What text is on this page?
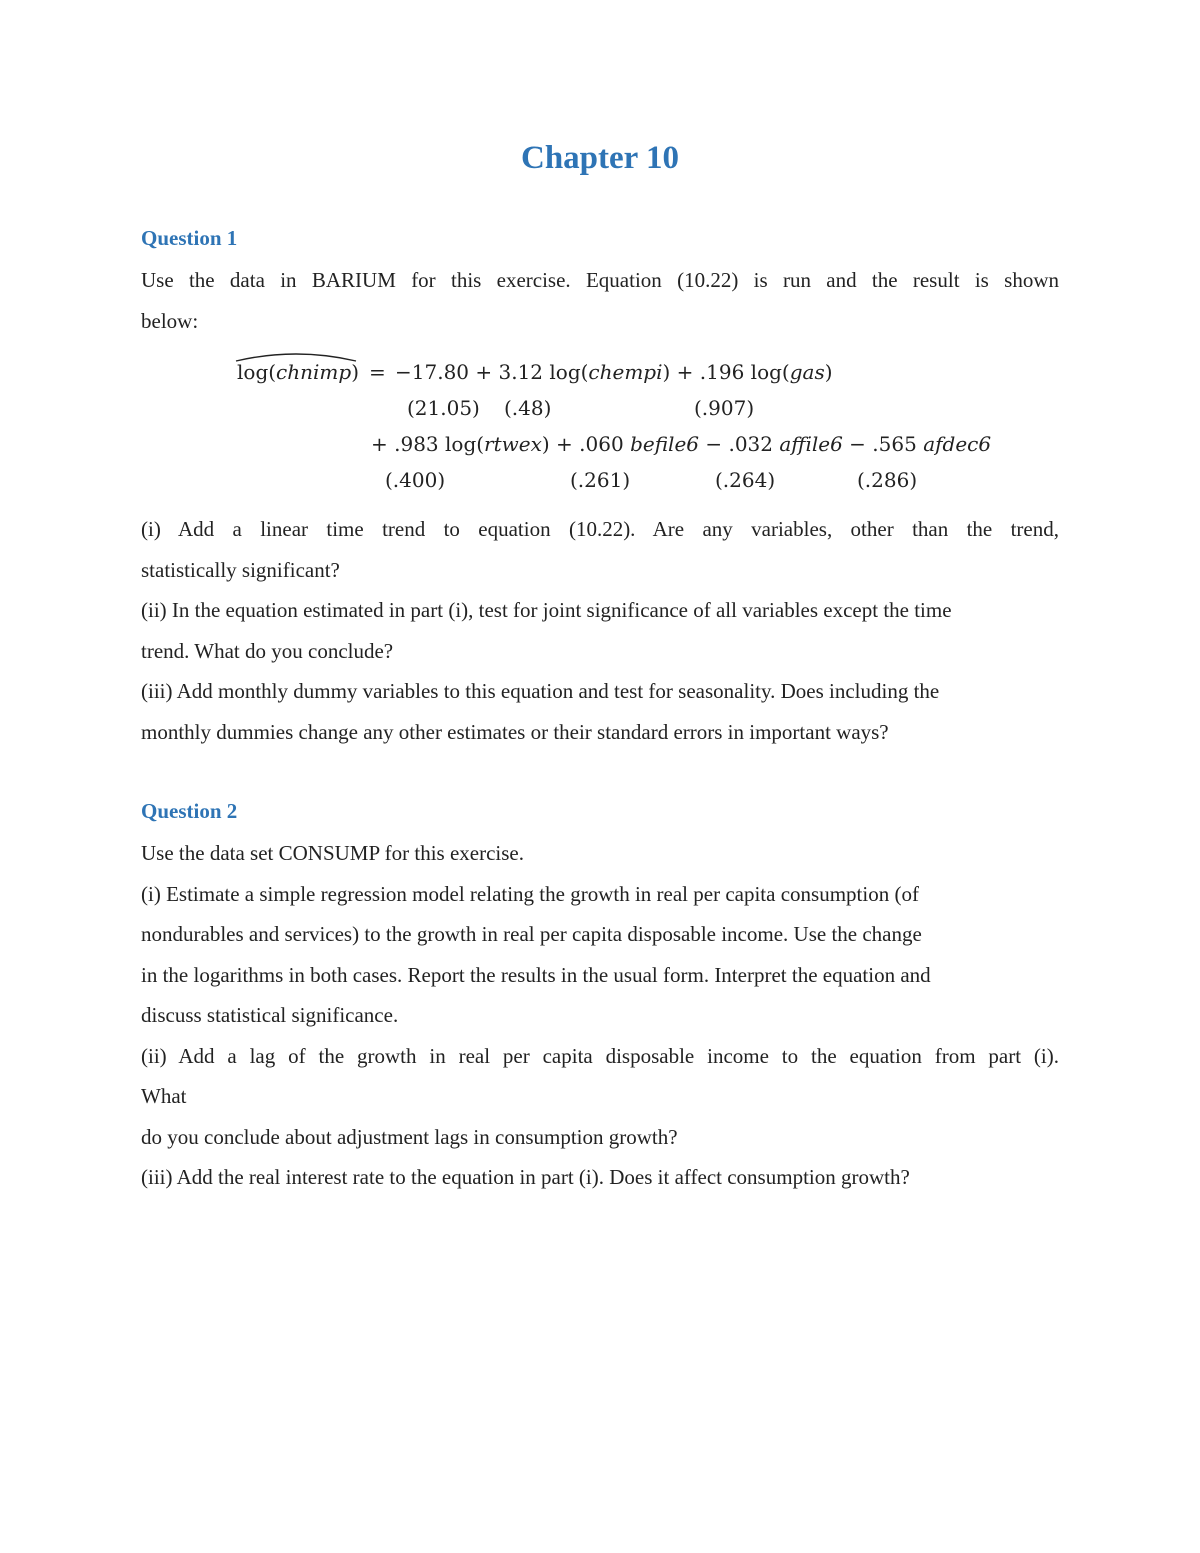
Chapter 10
Question 1

Use the data in BARIUM for this exercise. Equation (10.22) is run and the result is shown
below:

log(chnimp) = −17.80 + 3.12 log(chempi) + .196 log(gas)
(21.05) (.48)	(.907)
+ .983 log(rtwex) + .060 befile6 − .032 affile6 − .565 afdec6
(.400)	(.261)	(.264)	(.286)

(i) Add a linear time trend to equation (10.22). Are any variables, other than the trend,
statistically significant?
(ii) In the equation estimated in part (i), test for joint significance of all variables except the time
trend. What do you conclude?
(iii) Add monthly dummy variables to this equation and test for seasonality. Does including the
monthly dummies change any other estimates or their standard errors in important ways?

Question 2

Use the data set CONSUMP for this exercise.
(i) Estimate a simple regression model relating the growth in real per capita consumption (of
nondurables and services) to the growth in real per capita disposable income. Use the change
in the logarithms in both cases. Report the results in the usual form. Interpret the equation and
discuss statistical significance.
(ii) Add a lag of the growth in real per capita disposable income to the equation from part (i).
What
do you conclude about adjustment lags in consumption growth?
(iii) Add the real interest rate to the equation in part (i). Does it affect consumption growth?
